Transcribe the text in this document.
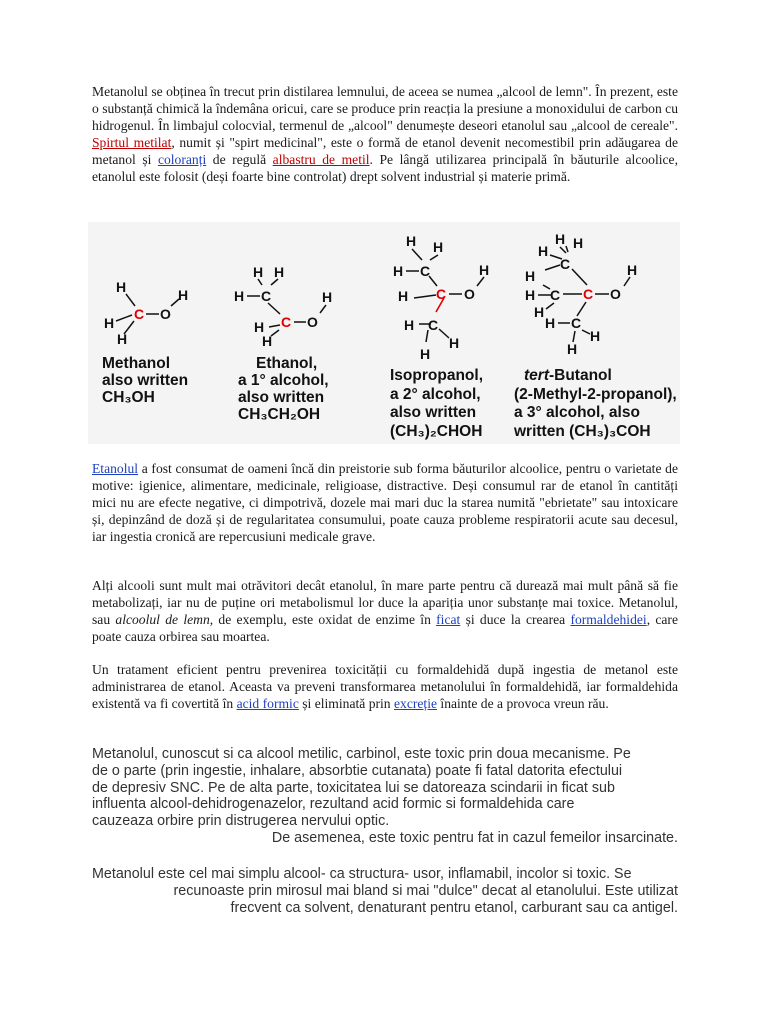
Metanolul se obținea în trecut prin distilarea lemnului, de aceea se numea „alcool de lemn". În prezent, este o substanță chimică la îndemâna oricui, care se produce prin reacția la presiune a monoxidului de carbon cu hidrogenul. În limbajul colocvial, termenul de „alcool" denumește deseori etanolul sau „alcool de cereale". Spirtul metilat, numit și "spirt medicinal", este o formă de etanol devenit necomestibil prin adăugarea de metanol și coloranți de regulă albastru de metil. Pe lângă utilizarea principală în băuturile alcoolice, etanolul este folosit (deși foarte bine controlat) drept solvent industrial și materie primă.

H
H
H
C O
H
Methanol
also written
CH₃OH
H H
H C
C O
H
H
H
Ethanol,
a 1° alcohol,
also written
CH₃CH₂OH
H H
H C
H C O
H
H C
H
H
Isopropanol,
a 2° alcohol,
also written
(CH₃)₂CHOH
H H
H
C
H
H C
H
C O
H
H C
H
H
tert-Butanol
(2-Methyl-2-propanol),
a 3° alcohol, also
written (CH₃)₃COH

Etanolul a fost consumat de oameni încă din preistorie sub forma băuturilor alcoolice, pentru o varietate de motive: igienice, alimentare, medicinale, religioase, distractive. Deși consumul rar de etanol în cantități mici nu are efecte negative, ci dimpotrivă, dozele mai mari duc la starea numită "ebrietate" sau intoxicare și, depinzând de doză și de regularitatea consumului, poate cauza probleme respiratorii acute sau decesul, iar ingestia cronică are repercusiuni medicale grave.

Alți alcooli sunt mult mai otrăvitori decât etanolul, în mare parte pentru că durează mai mult până să fie metabolizați, iar nu de puține ori metabolismul lor duce la apariția unor substanțe mai toxice. Metanolul, sau alcoolul de lemn, de exemplu, este oxidat de enzime în ficat și duce la crearea formaldehidei, care poate cauza orbirea sau moartea.

Un tratament eficient pentru prevenirea toxicității cu formaldehidă după ingestia de metanol este administrarea de etanol. Aceasta va preveni transformarea metanolului în formaldehidă, iar formaldehida existentă va fi covertită în acid formic și eliminată prin excreție înainte de a provoca vreun rău.

Metanolul, cunoscut si ca alcool metilic, carbinol, este toxic prin doua mecanisme. Pe
de o parte (prin ingestie, inhalare, absorbtie cutanata) poate fi fatal datorita efectului
de depresiv SNC. Pe de alta parte, toxicitatea lui se datoreaza scindarii in ficat sub
influenta alcool-dehidrogenazelor, rezultand acid formic si formaldehida care
cauzeaza orbire prin distrugerea nervului optic.
De asemenea, este toxic pentru fat in cazul femeilor insarcinate.
Metanolul este cel mai simplu alcool- ca structura- usor, inflamabil, incolor si toxic. Se
recunoaste prin mirosul mai bland si mai "dulce" decat al etanolului. Este utilizat
frecvent ca solvent, denaturant pentru etanol, carburant sau ca antigel.
